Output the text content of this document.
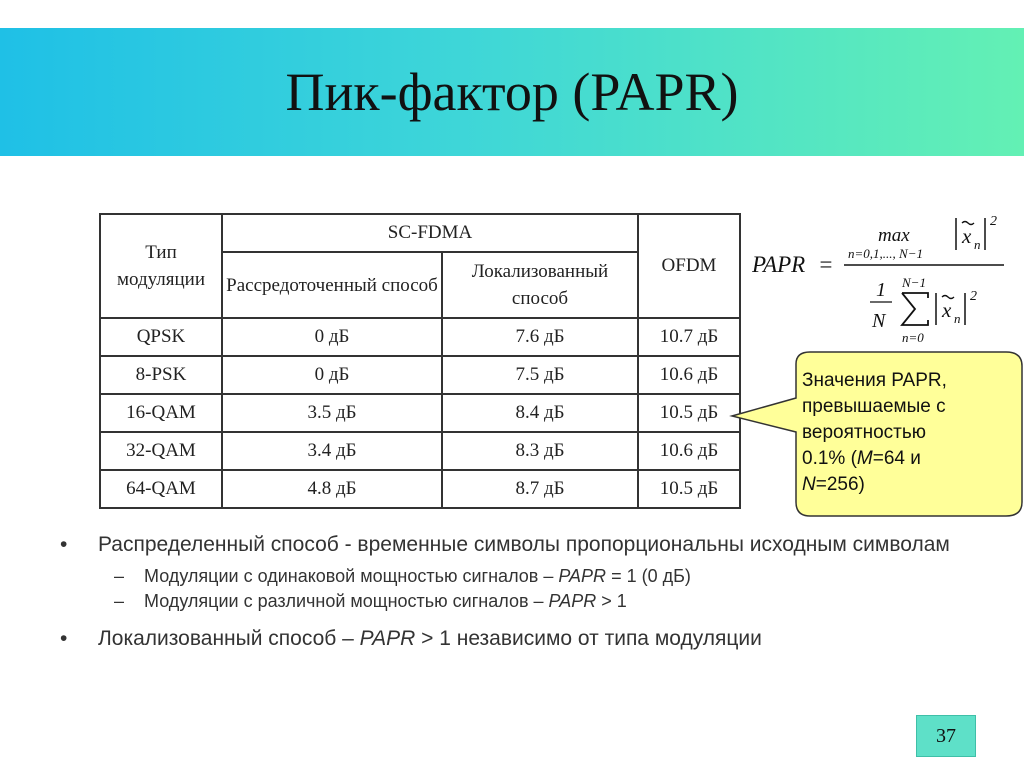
Пик-фактор (PAPR)
Тип модуляции	SC-FDMA		OFDM
	Рассредоточенный способ	Локализованный способ	
QPSK	0 дБ	7.6 дБ	10.7 дБ
8-PSK	0 дБ	7.5 дБ	10.6 дБ
16-QAM	3.5 дБ	8.4 дБ	10.5 дБ
32-QAM	3.4 дБ	8.3 дБ	10.6 дБ
64-QAM	4.8 дБ	8.7 дБ	10.5 дБ
PAPR =
max
n=0,1,..., N−1
x n
2
1
N
N−1
n=0
x n
2
Значения PAPR,
превышаемые с
вероятностью
0.1% (M=64 и
N=256)
• Распределенный способ - временные символы пропорциональны исходным символам
– Модуляции с одинаковой мощностью сигналов – PAPR = 1 (0 дБ)
– Модуляции с различной мощностью сигналов – PAPR > 1
• Локализованный способ – PAPR > 1 независимо от типа модуляции
37
